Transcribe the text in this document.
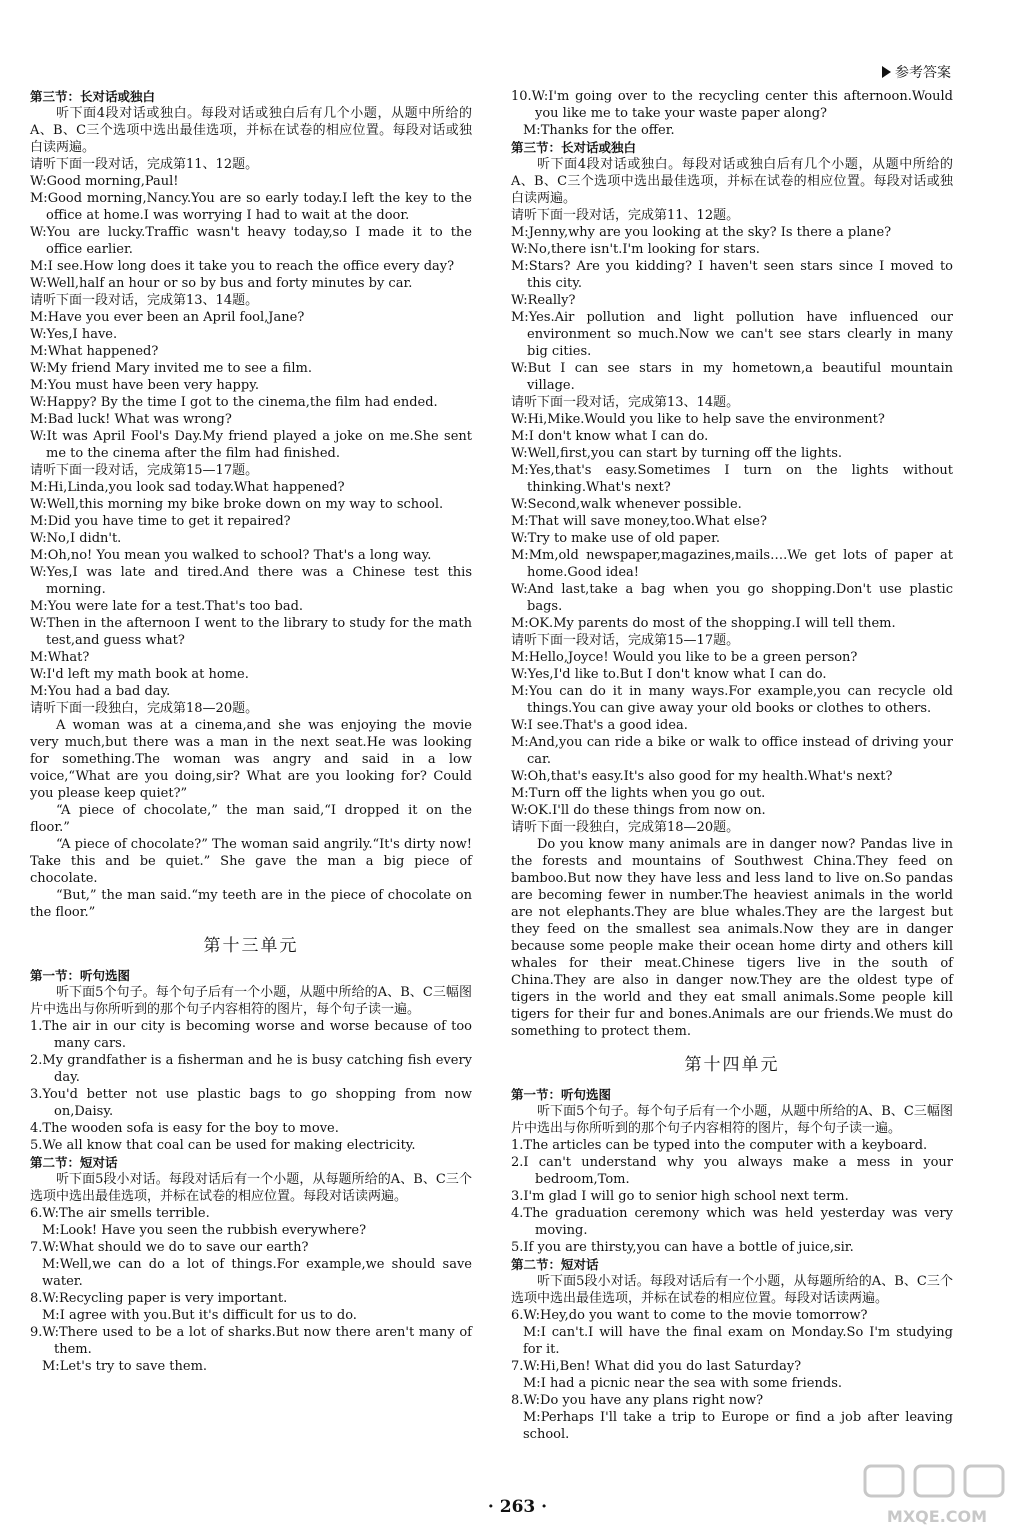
参考答案

第三节：长对话或独白

听下面4段对话或独白。每段对话或独白后有几个小题，从题中所给的A、B、C三个选项中选出最佳选项，并标在试卷的相应位置。每段对话或独白读两遍。

请听下面一段对话，完成第11、12题。

W:Good morning,Paul!

M:Good morning,Nancy.You are so early today.I left the key to the office at home.I was worrying I had to wait at the door.

W:You are lucky.Traffic wasn't heavy today,so I made it to the office earlier.

M:I see.How long does it take you to reach the office every day?

W:Well,half an hour or so by bus and forty minutes by car.

请听下面一段对话，完成第13、14题。

M:Have you ever been an April fool,Jane?

W:Yes,I have.

M:What happened?

W:My friend Mary invited me to see a film.

M:You must have been very happy.

W:Happy? By the time I got to the cinema,the film had ended.

M:Bad luck! What was wrong?

W:It was April Fool's Day.My friend played a joke on me.She sent me to the cinema after the film had finished.

请听下面一段对话，完成第15—17题。

M:Hi,Linda,you look sad today.What happened?

W:Well,this morning my bike broke down on my way to school.

M:Did you have time to get it repaired?

W:No,I didn't.

M:Oh,no! You mean you walked to school? That's a long way.

W:Yes,I was late and tired.And there was a Chinese test this morning.

M:You were late for a test.That's too bad.

W:Then in the afternoon I went to the library to study for the math test,and guess what?

M:What?

W:I'd left my math book at home.

M:You had a bad day.

请听下面一段独白，完成第18—20题。

A woman was at a cinema,and she was enjoying the movie very much,but there was a man in the next seat.He was looking for something.The woman was angry and said in a low voice,“What are you doing,sir? What are you looking for? Could you please keep quiet?”

“A piece of chocolate,” the man said,“I dropped it on the floor.”

“A piece of chocolate?” The woman said angrily.“It's dirty now! Take this and be quiet.” She gave the man a big piece of chocolate.

“But,” the man said.“my teeth are in the piece of chocolate on the floor.”

第十三单元

第一节：听句选图

听下面5个句子。每个句子后有一个小题，从题中所给的A、B、C三幅图片中选出与你所听到的那个句子内容相符的图片，每个句子读一遍。

1.The air in our city is becoming worse and worse because of too many cars.

2.My grandfather is a fisherman and he is busy catching fish every day.

3.You'd better not use plastic bags to go shopping from now on,Daisy.

4.The wooden sofa is easy for the boy to move.

5.We all know that coal can be used for making electricity.

第二节：短对话

听下面5段小对话。每段对话后有一个小题，从每题所给的A、B、C三个选项中选出最佳选项，并标在试卷的相应位置。每段对话读两遍。

6.W:The air smells terrible.

M:Look! Have you seen the rubbish everywhere?

7.W:What should we do to save our earth?

M:Well,we can do a lot of things.For example,we should save water.

8.W:Recycling paper is very important.

M:I agree with you.But it's difficult for us to do.

9.W:There used to be a lot of sharks.But now there aren't many of them.

M:Let's try to save them.

10.W:I'm going over to the recycling center this afternoon.Would you like me to take your waste paper along?

M:Thanks for the offer.

第三节：长对话或独白

听下面4段对话或独白。每段对话或独白后有几个小题，从题中所给的A、B、C三个选项中选出最佳选项，并标在试卷的相应位置。每段对话或独白读两遍。

请听下面一段对话，完成第11、12题。

M:Jenny,why are you looking at the sky? Is there a plane?

W:No,there isn't.I'm looking for stars.

M:Stars? Are you kidding? I haven't seen stars since I moved to this city.

W:Really?

M:Yes.Air pollution and light pollution have influenced our environment so much.Now we can't see stars clearly in many big cities.

W:But I can see stars in my hometown,a beautiful mountain village.

请听下面一段对话，完成第13、14题。

W:Hi,Mike.Would you like to help save the environment?

M:I don't know what I can do.

W:Well,first,you can start by turning off the lights.

M:Yes,that's easy.Sometimes I turn on the lights without thinking.What's next?

W:Second,walk whenever possible.

M:That will save money,too.What else?

W:Try to make use of old paper.

M:Mm,old newspaper,magazines,mails….We get lots of paper at home.Good idea!

W:And last,take a bag when you go shopping.Don't use plastic bags.

M:OK.My parents do most of the shopping.I will tell them.

请听下面一段对话，完成第15—17题。

M:Hello,Joyce! Would you like to be a green person?

W:Yes,I'd like to.But I don't know what I can do.

M:You can do it in many ways.For example,you can recycle old things.You can give away your old books or clothes to others.

W:I see.That's a good idea.

M:And,you can ride a bike or walk to office instead of driving your car.

W:Oh,that's easy.It's also good for my health.What's next?

M:Turn off the lights when you go out.

W:OK.I'll do these things from now on.

请听下面一段独白，完成第18—20题。

Do you know many animals are in danger now? Pandas live in the forests and mountains of Southwest China.They feed on bamboo.But now they have less and less land to live on.So pandas are becoming fewer in number.The heaviest animals in the world are not elephants.They are blue whales.They are the largest but they feed on the smallest sea animals.Now they are in danger because some people make their ocean home dirty and others kill whales for their meat.Chinese tigers live in the south of China.They are also in danger now.They are the oldest type of tigers in the world and they eat small animals.Some people kill tigers for their fur and bones.Animals are our friends.We must do something to protect them.

第十四单元

第一节：听句选图

听下面5个句子。每个句子后有一个小题，从题中所给的A、B、C三幅图片中选出与你所听到的那个句子内容相符的图片，每个句子读一遍。

1.The articles can be typed into the computer with a keyboard.

2.I can't understand why you always make a mess in your bedroom,Tom.

3.I'm glad I will go to senior high school next term.

4.The graduation ceremony which was held yesterday was very moving.

5.If you are thirsty,you can have a bottle of juice,sir.

第二节：短对话

听下面5段小对话。每段对话后有一个小题，从每题所给的A、B、C三个选项中选出最佳选项，并标在试卷的相应位置。每段对话读两遍。

6.W:Hey,do you want to come to the movie tomorrow?

M:I can't.I will have the final exam on Monday.So I'm studying for it.

7.W:Hi,Ben! What did you do last Saturday?

M:I had a picnic near the sea with some friends.

8.W:Do you have any plans right now?

M:Perhaps I'll take a trip to Europe or find a job after leaving school.

· 263 ·	MXQE.COM
